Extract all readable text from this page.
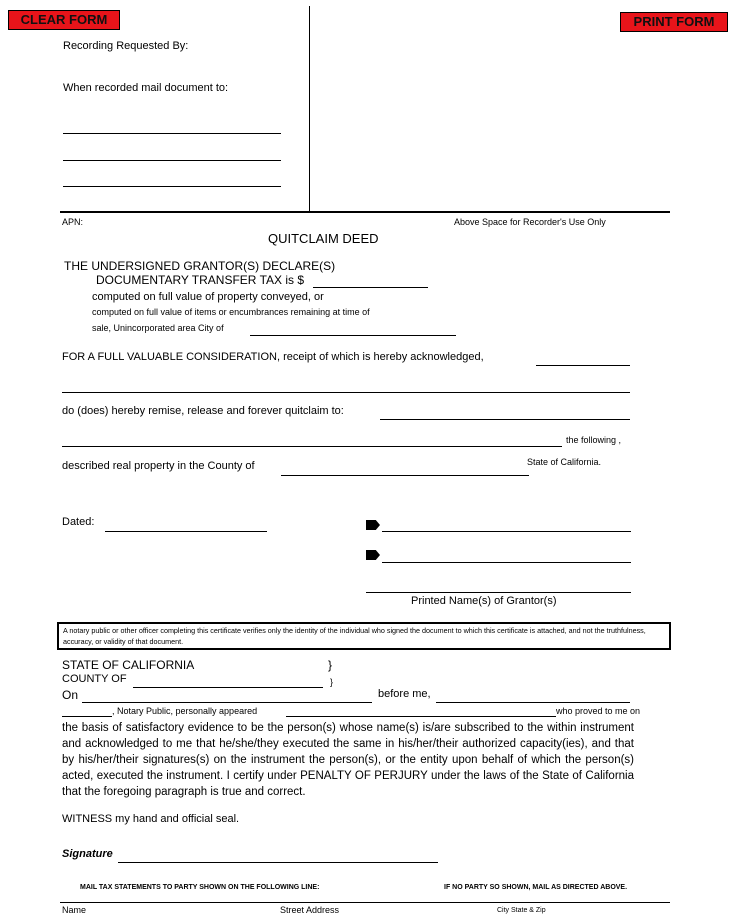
CLEAR FORM	PRINT FORM
Recording Requested By:
When recorded mail document to:
APN:	Above Space for Recorder's Use Only
QUITCLAIM DEED
THE UNDERSIGNED GRANTOR(S) DECLARE(S)
DOCUMENTARY TRANSFER TAX is $
computed on full value of property conveyed, or
computed on full value of items or encumbrances remaining at time of
sale, Unincorporated area City of
FOR A FULL VALUABLE CONSIDERATION, receipt of which is hereby acknowledged,
do (does) hereby remise, release and forever quitclaim to:
the following ,
described real property in the County of	State of California.
Dated:
Printed Name(s) of Grantor(s)
A notary public or other officer completing this certificate verifies only the identity of the individual who signed the document to which this certificate is attached, and not the truthfulness, accuracy, or validity of that document.
STATE OF CALIFORNIA	}
COUNTY OF	}
On	before me,
, Notary Public, personally appeared	who proved to me on
the basis of satisfactory evidence to be the person(s) whose name(s) is/are subscribed to the within instrument and acknowledged to me that he/she/they executed the same in his/her/their authorized capacity(ies), and that by his/her/their signatures(s) on the instrument the person(s), or the entity upon behalf of which the person(s) acted, executed the instrument. I certify under PENALTY OF PERJURY under the laws of the State of California that the foregoing paragraph is true and correct.
WITNESS my hand and official seal.
Signature
MAIL TAX STATEMENTS TO PARTY SHOWN ON THE FOLLOWING LINE:	IF NO PARTY SO SHOWN, MAIL AS DIRECTED ABOVE.
Name	Street Address	City State & Zip
